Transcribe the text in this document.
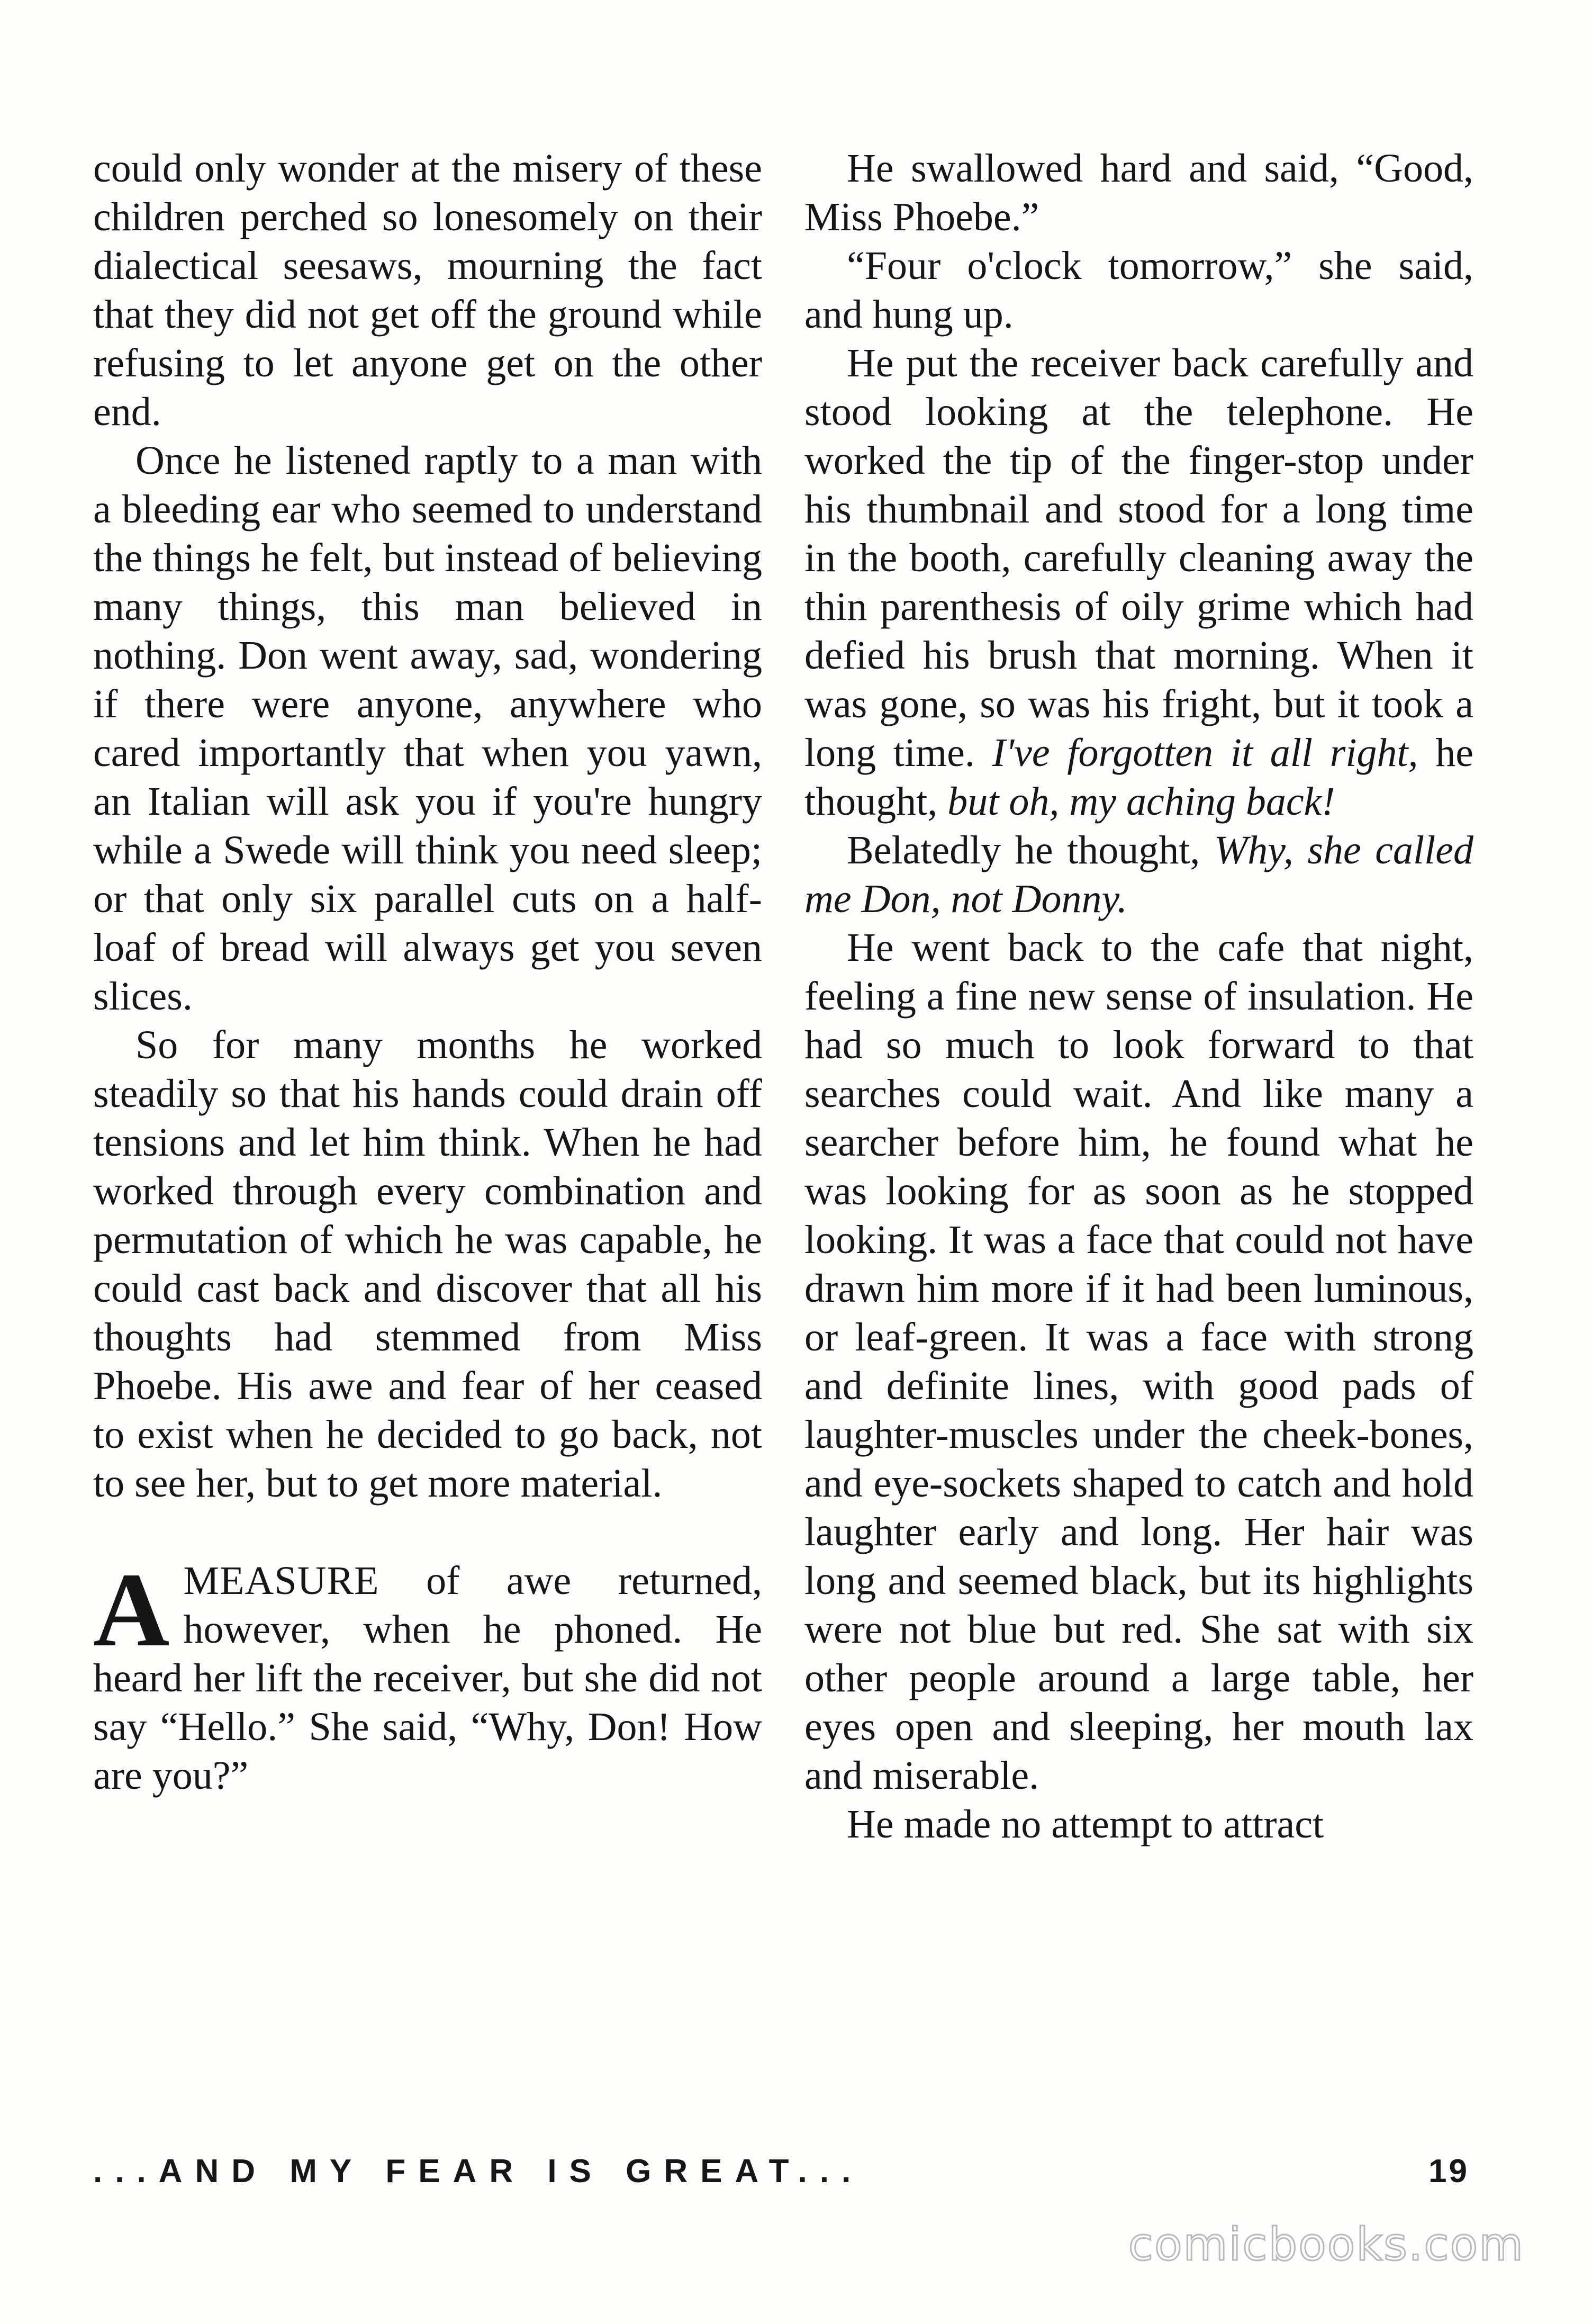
could only wonder at the misery of these children perched so lonesomely on their dialectical seesaws, mourning the fact that they did not get off the ground while refusing to let anyone get on the other end.

Once he listened raptly to a man with a bleeding ear who seemed to understand the things he felt, but instead of believing many things, this man believed in nothing. Don went away, sad, wondering if there were anyone, anywhere who cared importantly that when you yawn, an Italian will ask you if you're hungry while a Swede will think you need sleep; or that only six parallel cuts on a half-loaf of bread will always get you seven slices.

So for many months he worked steadily so that his hands could drain off tensions and let him think. When he had worked through every combination and permutation of which he was capable, he could cast back and discover that all his thoughts had stemmed from Miss Phoebe. His awe and fear of her ceased to exist when he decided to go back, not to see her, but to get more material.

AMEASURE of awe returned, however, when he phoned. He heard her lift the receiver, but she did not say “Hello.” She said, “Why, Don! How are you?”

He swallowed hard and said, “Good, Miss Phoebe.”

“Four o'clock tomorrow,” she said, and hung up.

He put the receiver back carefully and stood looking at the telephone. He worked the tip of the finger-stop under his thumbnail and stood for a long time in the booth, carefully cleaning away the thin parenthesis of oily grime which had defied his brush that morning. When it was gone, so was his fright, but it took a long time. I've forgotten it all right, he thought, but oh, my aching back!

Belatedly he thought, Why, she called me Don, not Donny.

He went back to the cafe that night, feeling a fine new sense of insulation. He had so much to look forward to that searches could wait. And like many a searcher before him, he found what he was looking for as soon as he stopped looking. It was a face that could not have drawn him more if it had been luminous, or leaf-green. It was a face with strong and definite lines, with good pads of laughter-muscles under the cheek-bones, and eye-sockets shaped to catch and hold laughter early and long. Her hair was long and seemed black, but its highlights were not blue but red. She sat with six other people around a large table, her eyes open and sleeping, her mouth lax and miserable.

He made no attempt to attract

...AND MY FEAR IS GREAT...	19
comicbooks.com
